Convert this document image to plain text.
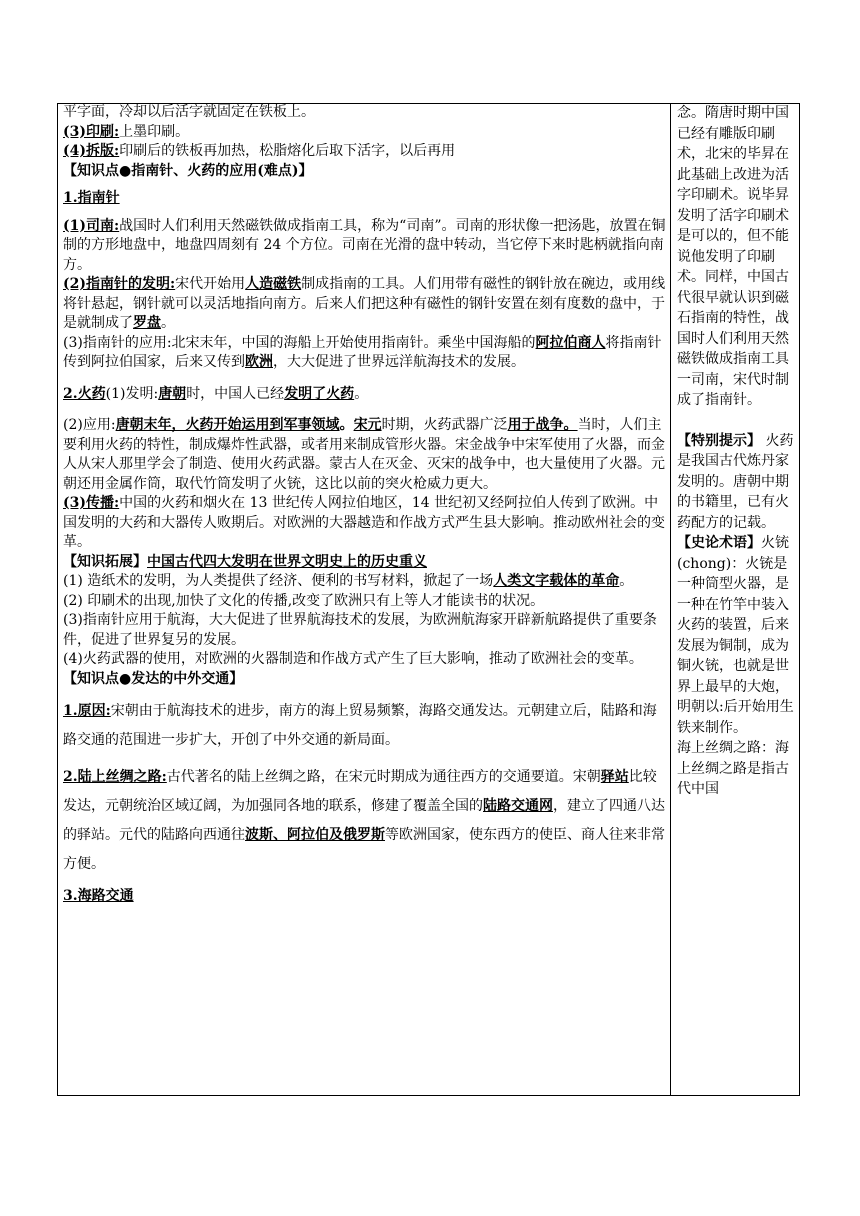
平字面，冷却以后活字就固定在铁板上。

(3)印刷:上墨印刷。

(4)拆版:印刷后的铁板再加热，松脂熔化后取下活字，以后再用

【知识点●指南针、火药的应用(难点)】

1.指南针

(1)司南:战国时人们利用天然磁铁做成指南工具，称为“司南”。司南的形状像一把汤匙，放置在铜制的方形地盘中，地盘四周刻有 24 个方位。司南在光滑的盘中转动，当它停下来时匙柄就指向南方。

(2)指南针的发明:宋代开始用人造磁铁制成指南的工具。人们用带有磁性的钢针放在碗边，或用线将针悬起，钢针就可以灵活地指向南方。后来人们把这种有磁性的钢针安置在刻有度数的盘中，于是就制成了罗盘。

(3)指南针的应用:北宋末年，中国的海船上开始使用指南针。乘坐中国海船的阿拉伯商人将指南针传到阿拉伯国家，后来又传到欧洲，大大促进了世界远洋航海技术的发展。

2.火药(1)发明:唐朝时，中国人已经发明了火药。

(2)应用:唐朝末年，火药开始运用到军事领域。宋元时期，火药武器广泛用于战争。当时，人们主要利用火药的特性，制成爆炸性武器，或者用来制成管形火器。宋金战争中宋军使用了火器，而金人从宋人那里学会了制造、使用火药武器。蒙古人在灭金、灭宋的战争中，也大量使用了火器。元朝还用金属作筒，取代竹筒发明了火铳，这比以前的突火枪威力更大。

(3)传播:中国的火药和烟火在 13 世纪传人网拉伯地区，14 世纪初又经阿拉伯人传到了欧洲。中国发明的大药和大器传人败期后。对欧洲的大器越造和作战方式严生县大影响。推动欧州社会的变革。

【知识拓展】中国古代四大发明在世界文明史上的历史重义

(1) 造纸术的发明，为人类提供了经济、便利的书写材料，掀起了一场人类文字载体的革命。

(2) 印刷术的出现,加快了文化的传播,改变了欧洲只有上等人才能读书的状况。

(3)指南针应用于航海，大大促进了世界航海技术的发展，为欧洲航海家开辟新航路提供了重要条件，促进了世界复另的发展。

(4)火药武器的使用，对欧洲的火器制造和作战方式产生了巨大影响，推动了欧洲社会的变革。

【知识点●发达的中外交通】

1.原因:宋朝由于航海技术的进步，南方的海上贸易频繁，海路交通发达。元朝建立后，陆路和海路交通的范围进一步扩大，开创了中外交通的新局面。

2.陆上丝绸之路:古代著名的陆上丝绸之路，在宋元时期成为通往西方的交通要道。宋朝驿站比较发达，元朝统治区域辽阔，为加强同各地的联系，修建了覆盖全国的陆路交通网，建立了四通八达的驿站。元代的陆路向西通往波斯、阿拉伯及俄罗斯等欧洲国家，使东西方的使臣、商人往来非常方便。

3.海路交通

念。隋唐时期中国已经有雕版印刷术，北宋的毕昇在此基础上改进为活字印刷术。说毕昇发明了活字印刷术是可以的，但不能说他发明了印刷术。同样，中国古代很早就认识到磁石指南的特性，战国时人们利用天然磁铁做成指南工具一司南，宋代时制成了指南针。

【特别提示】 火药是我国古代炼丹家发明的。唐朝中期的书籍里，已有火药配方的记载。

【史论术语】火铳(chong)：火铳是一种筒型火器，是一种在竹竿中装入火药的装置，后来发展为铜制，成为铜火铳，也就是世界上最早的大炮，明朝以:后开始用生铁来制作。

海上丝绸之路：海上丝绸之路是指古代中国
